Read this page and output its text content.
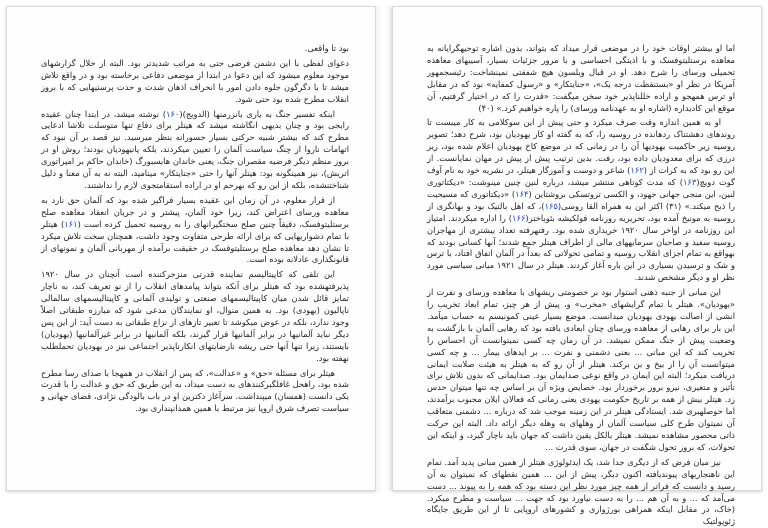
بود تا واقعی.

دعوای لفظی با این دشمن فرضی حتی به مراتب شدیدتر بود. البته از خلال گزارشهای موجود معلوم میشود که این دعوا در ابتدا از موضعی دفاعی برخاسته بود و در واقع تلاش میشد تا با دگرگون جلوه دادن امور با انحراف اذهان شدت و حدت پرستیهایی که با بروز انقلاب مطرح شده بود حتی شود.

اینکه تفسیر جنگ به یاری بانزرمنها (الدویج)(۱۶۰) نوشته میشد، در ابتدا چنان عقیده رایجی بود و چنان بدیهی انگاشته میشد که هیتلر برای دفاع تنها متوسلت تلاشا ادعایی مطرح کند که بیشتر شبیه حرکتی بسیار جسورانه بنظر میرسید. نیز قصد بر آن نبود که اتهامات ناروا از چنگ سیاست آلمان را تعیین میکردند، بلکه پانیهودیان بودند؛ روش او در بروز منظم دیگر فرضیه مقصران جنگ، یعنی خاندان هابسبورگ (خاندان حاکم بر امپراتوری اتریش)، نیز همینگونه بود: هیتلر آنها را حتی «جنایتکار» مینامید، البته نه به آن معنا و دلیل شناختنشده، بلکه از این رو که بهرحم او در اراده استقامتجوی لازم را نداشتند.

از قرار معلوم، در آن زمان این عقیده بسیار فراگیر شده بود که آلمان حق نارد به معاهده ورسای اعتراض کند، زیرا خود آلمان، پیشتر و در جریان انعقاد معاهده صلح برستلیتوفسک، دقیقاً چنین صلح سختگیرانهای را به روسیه تحمیل کرده است (۱۶۱) هیتلر با تمام دشواریهایی که برای ارائه طرحی متفاوت وجود داشت، همچنان سخت تلاش میکرد تا نشان دهد معاهده صلح برستلیتوفسک در حقیقت برآمده از مهربانی آلمان و نمونهای از قانونگذاری عادلانه بوده است.

این تلقی که کاپیتالیسم نماینده قدرتی منزجرکننده است آنچنان در سال ۱۹۲۰ پذیرفتهشده بود که هیتلر برای آنکه بتواند پیامدهای انقلاب را از نو تعریف کند، به ناچار تمایز قائل شدن میان کاپیتالیسمهای صنعتی و تولیدی آلمانی و کاپیتالیسمهای سالمالی ناپالیون (یهودی) بود. به همین منوال، او نمایندگان مدعی شود که مبارزه طبقاتی اصلاً وجود ندارد، بلکه در عوض میکوشد تا تعبیر تازهای از نزاع طبقاتی به دست آید: از این پس دیگر نباید آلمانیها در برابر آلمانیها قرار گیرند، بلکه آلمانیها در برابر غیرآلمانیها (یهودیان) بایستند، زیرا تنها آنها حتی ریشه نارضایتهای انکارناپذیر اجتماعی نیز در بهودیان تحملطلب نهفته بود.

هیتلر برای مسئله «حق» و «عدالت»، که پس از انقلاب در همهجا با صدای رسا مطرح شده بود، راهحل غافلگیرکنندهای به دست میداد، به این طریق که حق و عدالت را با قدرت یکی دانست (همسان) میپنداشت. سرآغاز دکترین او در باب بالودگی نژادی، قضای جهانی و سیاست تصرف شرق اروپا نیز مرتبط با همین همدانپنداری بود.

اما او بیشتر اوقات خود را در موضعی قرار میداد که بتواند، بدون اشاره توجیهگرایانه به معاهده برستلیتوفسک و با اذیتگی احساسی و با مرور جزئیات بسیار، آسیبهای معاهده تحمیلی ورسای را شرح دهد. او در قبال ویلسون هیچ شفقتی نمینشاخت: رئیسجمهور آمریکا در نظر او «بستنقطت درجه یک»، «جنایتکار» و «رسول کمفایه» بود که در مقابل او ترس همهجو و اراده خللناپذیر خود سخن میگفت: «قدرت را که در اختیار گرفتیم، آن موقع این کادیداره (اشاره او به عهدنامه ورسای) را پاره خواهیم کرد.» (۴۰)

او به همین اندازه وقت صرف میکرد و حتی پیش از این سوکلامی به کار میبست تا روندهای دهشتناک ردهانده در روسیه را، که به گفته او کار یهودیان بود، شرح دهد؛ تصویر روسیه زیر حاکمیت یهودیها آن را در زمانی که در موضع کاخ یهودیان اعلام شده بود، زیر درزی که برای معدودیان داده بود، رفت. بدین ترتیب پیش از پیش در مهان نمایانست. از این رو بود که به کرات از (۱۶۲) شاعر و دوست و آموزگار هیتلر، در نشریه خود به نام آوف گوت دویچ(۱۶۳) که مدت کوتاهی منتشر میشد، درباره لنین چنین مینوشت: «دیکتاتوری لنین، این منجی جهانی جهود، و الکسی تروتسکی بروشتاین (۱۶۴) «دیکتاتوری که مسیحیت را ذبح میکند.» (۳۱) اکثر این به همراه القا روسی(۱۶۵)، که اهل بالتیک بود و بهانگری از روسیه به مونیخ آمده بود، تحریریه روزنامه فولکیشه بئوباختر(۱۶۶) را اداره میکردند. امتیاز این روزنامه در اواخر سال ۱۹۲۰ خریداری شده بود. رفتهرفته تعداد بیشتری از مهاجران روسیه سفید و صاحبان سرمایههای مالی از اطراف هیتلر جمع شدند؛ آنها کسانی بودند که بهواقع به تمام اجزای انقلاب روسیه و تمامی تحولاتی که بعداً در آلمان اتفاق افتاد، با ترس و شک و ترسیدن بسیاری در این باره آغاز کردند. هیتلر در سال ۱۹۲۱ میانی سیاسی مورد نظر او و دیگر مشخص شدند.

این مبانی از جنبه ذهنی استوار بود بر خصومتی ریشهای با معاهده ورسای و نفرت از «یهودیان». هیتلر با تمام گرایشهای «مخرب» و، پیش از هر چیز، تمام ابعاد تخریب را انشی از اصالت یهودی یهودیان میدانست. موضع بسیار عینی کمونیسم به حساب میآمد. این بار برای رهایی از معاهده ورسای چنان ابعادی یافته بود که رهایی آلمان با بازگشت به وضعیت پیش از جنگ ممکن نمیشد. در آن زمان چه کسی نمیتوانست آن احساس را تخریب کند که این مبانی ... بعنی دشمنی و نفرت ... بر ایدهای بیمار ... و چه کسی میتوانست آن را از بیخ و بن برکند. هیتلر از آن رو که به هیتلر به هیئت صلابت ایمانی دریافت میکرد؛ البته این ایمان در واقع نوعی صدایمان بود. صدایمانی که بدون تلاش برای تأثیر و متغیری، نیرو بروز برخوردار بود. خصایص ویژه آن بر اساس چه تنها میتوان حدس زد. هیتلر بیش از همه بر تاریخ حکومت یهودی یعنی زمانی که فعالان ایلان محبوب برآمدند، اما حوصلهبری شد. ایستادگی هیتلر در این زمینه موجب شد که درباره ... دشمنی متعاقب آن نمیتوان طرح کلی سیاست آلمان از وهلهای به وهله دیگر ارائه داد. البته این حرکت ذاتی محصور مشاهده نمیشد. هیتلر بالکل یقین داشت که جهان باید ناچار گیرد، و اینکه این تحولات، که بروز تحول شگفت در جهان، سوی قدرت ...

نیز میان فرض که از دیگری جدا شد، یک ایدئولوژی هیتلر از همین مبانی پدید آمد. تمام این ناهنجاریهای پیوندیافته اکنون دیگر، پیش از این ... همین نقطهای که نمیتوان به آن رسید و دانست که فراتر از همه چیز مورد نظر این دسته بود که همه را به پیوند ... دست می‌آمد که ... و به آن هم ... را به دست نیاورد بود که جهت ... سیاست و مطرح میکرد. (خاک، در مقابل اینکه همراهی بورژوازی و کشورهای اروپایی تا از این طریق جایگاه ژئوپولتیک
